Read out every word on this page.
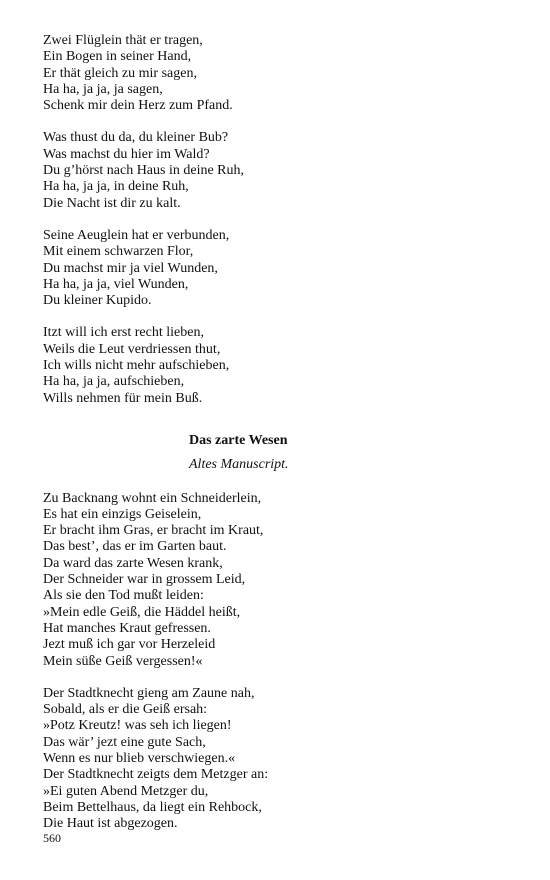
Zwei Flüglein thät er tragen,
Ein Bogen in seiner Hand,
Er thät gleich zu mir sagen,
Ha ha, ja ja, ja sagen,
Schenk mir dein Herz zum Pfand.
Was thust du da, du kleiner Bub?
Was machst du hier im Wald?
Du g’hörst nach Haus in deine Ruh,
Ha ha, ja ja, in deine Ruh,
Die Nacht ist dir zu kalt.
Seine Aeuglein hat er verbunden,
Mit einem schwarzen Flor,
Du machst mir ja viel Wunden,
Ha ha, ja ja, viel Wunden,
Du kleiner Kupido.
Itzt will ich erst recht lieben,
Weils die Leut verdriessen thut,
Ich wills nicht mehr aufschieben,
Ha ha, ja ja, aufschieben,
Wills nehmen für mein Buß.
Das zarte Wesen
Altes Manuscript.
Zu Backnang wohnt ein Schneiderlein,
Es hat ein einzigs Geiselein,
Er bracht ihm Gras, er bracht im Kraut,
Das best’, das er im Garten baut.
Da ward das zarte Wesen krank,
Der Schneider war in grossem Leid,
Als sie den Tod mußt leiden:
»Mein edle Geiß, die Häddel heißt,
Hat manches Kraut gefressen.
Jezt muß ich gar vor Herzeleid
Mein süße Geiß vergessen!«
Der Stadtknecht gieng am Zaune nah,
Sobald, als er die Geiß ersah:
»Potz Kreutz! was seh ich liegen!
Das wär’ jezt eine gute Sach,
Wenn es nur blieb verschwiegen.«
Der Stadtknecht zeigts dem Metzger an:
»Ei guten Abend Metzger du,
Beim Bettelhaus, da liegt ein Rehbock,
Die Haut ist abgezogen.
560
